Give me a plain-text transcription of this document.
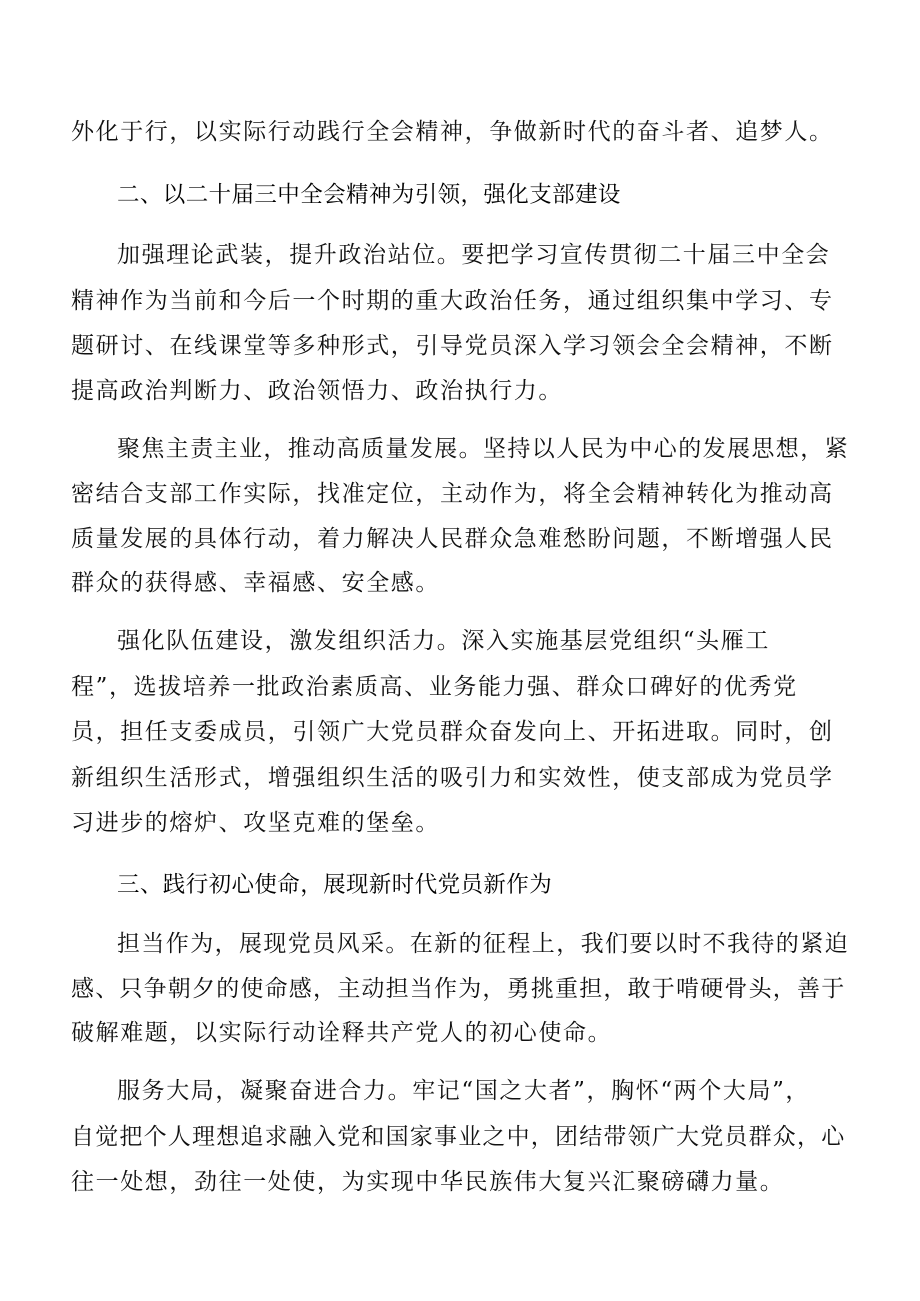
外化于行，以实际行动践行全会精神，争做新时代的奋斗者、追梦人。
二、以二十届三中全会精神为引领，强化支部建设
加强理论武装，提升政治站位。要把学习宣传贯彻二十届三中全会
精神作为当前和今后一个时期的重大政治任务，通过组织集中学习、专
题研讨、在线课堂等多种形式，引导党员深入学习领会全会精神，不断
提高政治判断力、政治领悟力、政治执行力。
聚焦主责主业，推动高质量发展。坚持以人民为中心的发展思想，紧
密结合支部工作实际，找准定位，主动作为，将全会精神转化为推动高
质量发展的具体行动，着力解决人民群众急难愁盼问题，不断增强人民
群众的获得感、幸福感、安全感。
强化队伍建设，激发组织活力。深入实施基层党组织“头雁工
程”，选拔培养一批政治素质高、业务能力强、群众口碑好的优秀党
员，担任支委成员，引领广大党员群众奋发向上、开拓进取。同时，创
新组织生活形式，增强组织生活的吸引力和实效性，使支部成为党员学
习进步的熔炉、攻坚克难的堡垒。
三、践行初心使命，展现新时代党员新作为
担当作为，展现党员风采。在新的征程上，我们要以时不我待的紧迫
感、只争朝夕的使命感，主动担当作为，勇挑重担，敢于啃硬骨头，善于
破解难题，以实际行动诠释共产党人的初心使命。
服务大局，凝聚奋进合力。牢记“国之大者”，胸怀“两个大局”，
自觉把个人理想追求融入党和国家事业之中，团结带领广大党员群众，心
往一处想，劲往一处使，为实现中华民族伟大复兴汇聚磅礴力量。
